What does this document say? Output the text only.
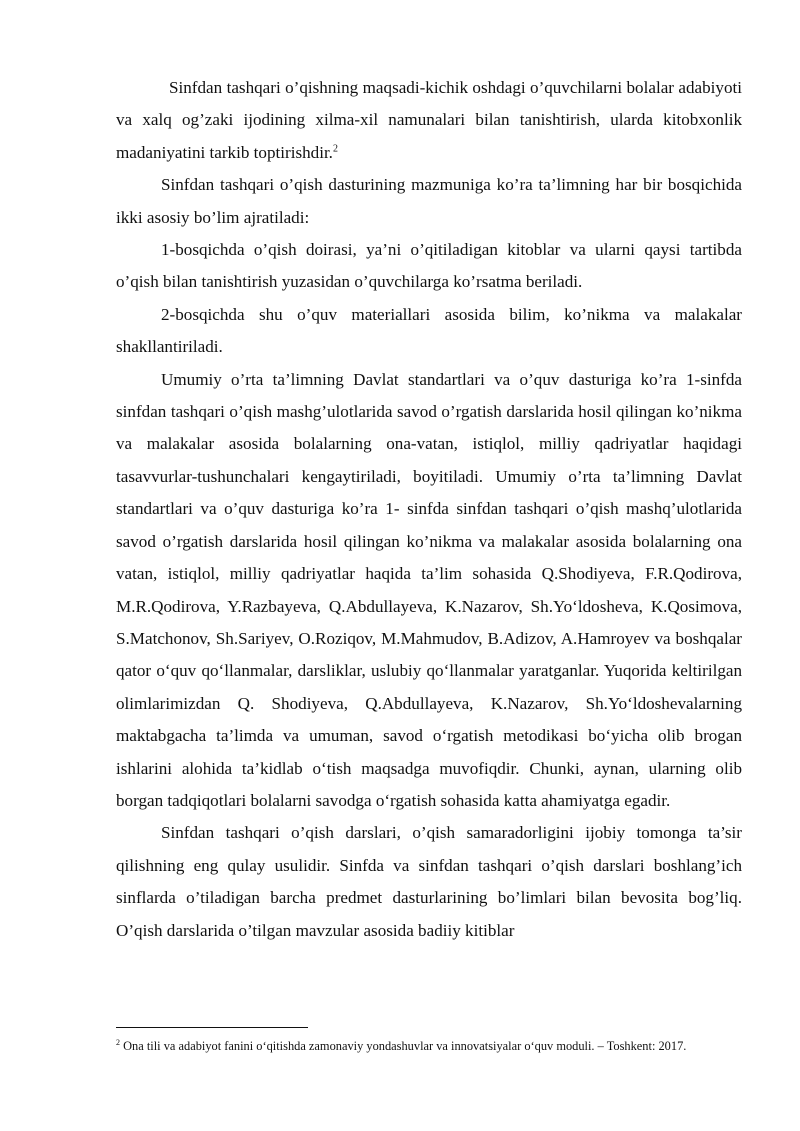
Sinfdan tashqari o’qishning maqsadi-kichik oshdagi o’quvchilarni bolalar adabiyoti va xalq og’zaki ijodining xilma-xil namunalari bilan tanishtirish, ularda kitobxonlik madaniyatini tarkib toptirishdir.$^2$

Sinfdan tashqari o’qish dasturining mazmuniga ko’ra ta’limning har bir bosqichida ikki asosiy bo’lim ajratiladi:

1-bosqichda o’qish doirasi, ya’ni o’qitiladigan kitoblar va ularni qaysi tartibda o’qish bilan tanishtirish yuzasidan o’quvchilarga ko’rsatma beriladi.

2-bosqichda shu o’quv materiallari asosida bilim, ko’nikma va malakalar shakllantiriladi.

Umumiy o’rta ta’limning Davlat standartlari va o’quv dasturiga ko’ra 1-sinfda sinfdan tashqari o’qish mashg’ulotlarida savod o’rgatish darslarida hosil qilingan ko’nikma va malakalar asosida bolalarning ona-vatan, istiqlol, milliy qadriyatlar haqidagi tasavvurlar-tushunchalari kengaytiriladi, boyitiladi. Umumiy o’rta ta’limning Davlat standartlari va o’quv dasturiga ko’ra 1- sinfda sinfdan tashqari o’qish mashq’ulotlarida savod o’rgatish darslarida hosil qilingan ko’nikma va malakalar asosida bolalarning ona vatan, istiqlol, milliy qadriyatlar haqida ta’lim sohasida Q.Shodiyeva, F.R.Qodirova, M.R.Qodirova, Y.Razbayeva, Q.Abdullayeva, K.Nazarov, Sh.Yo‘ldosheva, K.Qosimova, S.Matchonov, Sh.Sariyev, O.Roziqov, M.Mahmudov, B.Adizov, A.Hamroyev va boshqalar qator o‘quv qo‘llanmalar, darsliklar, uslubiy qo‘llanmalar yaratganlar. Yuqorida keltirilgan olimlarimizdan Q. Shodiyeva, Q.Abdullayeva, K.Nazarov, Sh.Yo‘ldoshevalarning maktabgacha ta’limda va umuman, savod o‘rgatish metodikasi bo‘yicha olib brogan ishlarini alohida ta’kidlab o‘tish maqsadga muvofiqdir. Chunki, aynan, ularning olib borgan tadqiqotlari bolalarni savodga o‘rgatish sohasida katta ahamiyatga egadir.

Sinfdan tashqari o’qish darslari, o’qish samaradorligini ijobiy tomonga ta’sir qilishning eng qulay usulidir. Sinfda va sinfdan tashqari o’qish darslari boshlang’ich sinflarda o’tiladigan barcha predmet dasturlarining bo’limlari bilan bevosita bog’liq. O’qish darslarida o’tilgan mavzular asosida badiiy kitiblar

$^2$ Ona tili va adabiyot fanini o‘qitishda zamonaviy yondashuvlar va innovatsiyalar o‘quv moduli. – Toshkent: 2017.
